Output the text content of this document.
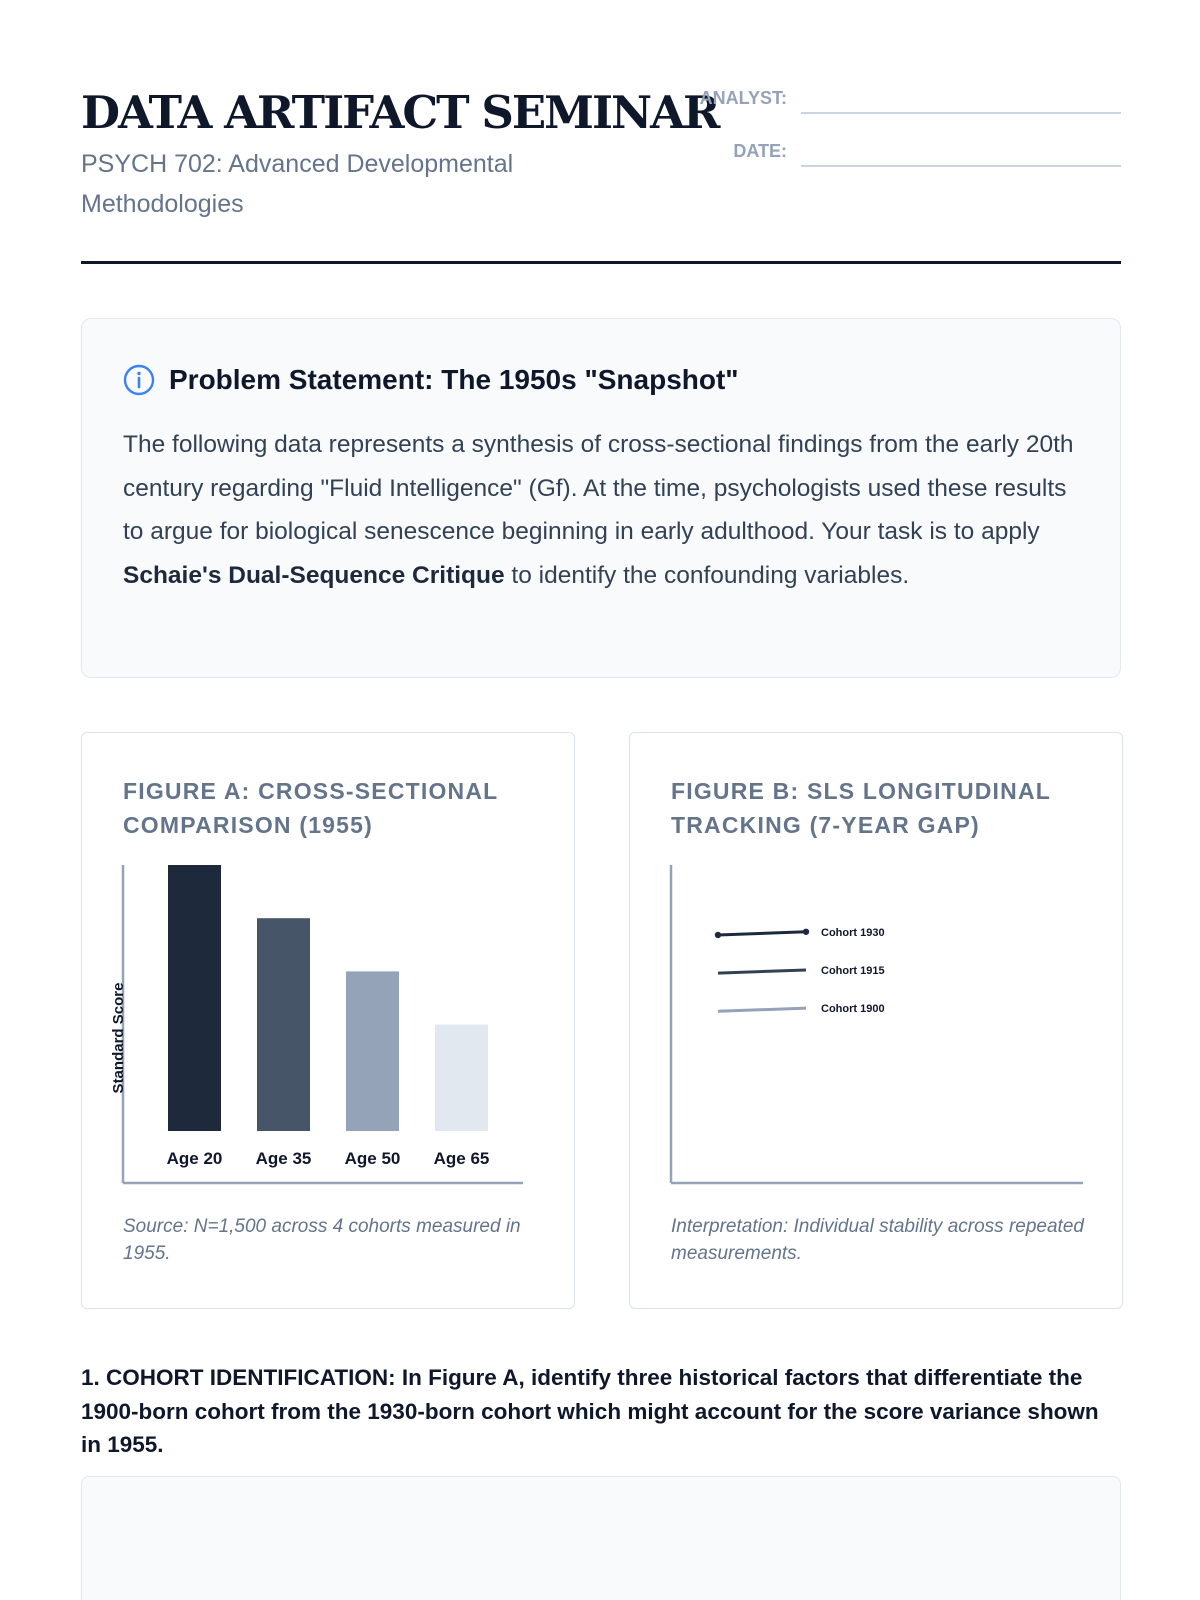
DATA ARTIFACT SEMINAR
PSYCH 702: Advanced Developmental Methodologies
ANALYST:
DATE:
Problem Statement: The 1950s "Snapshot"

The following data represents a synthesis of cross-sectional findings from the early 20th century regarding "Fluid Intelligence" (Gf). At the time, psychologists used these results to argue for biological senescence beginning in early adulthood. Your task is to apply Schaie's Dual-Sequence Critique to identify the confounding variables.

FIGURE A: CROSS-SECTIONAL COMPARISON (1955)
Age 20 Age 35 Age 50 Age 65
Standard Score
Source: N=1,500 across 4 cohorts measured in 1955.
FIGURE B: SLS LONGITUDINAL TRACKING (7-YEAR GAP)
Cohort 1930
Cohort 1915
Cohort 1900
Interpretation: Individual stability across repeated measurements.
1. COHORT IDENTIFICATION: In Figure A, identify three historical factors that differentiate the 1900-born cohort from the 1930-born cohort which might account for the score variance shown in 1955.
